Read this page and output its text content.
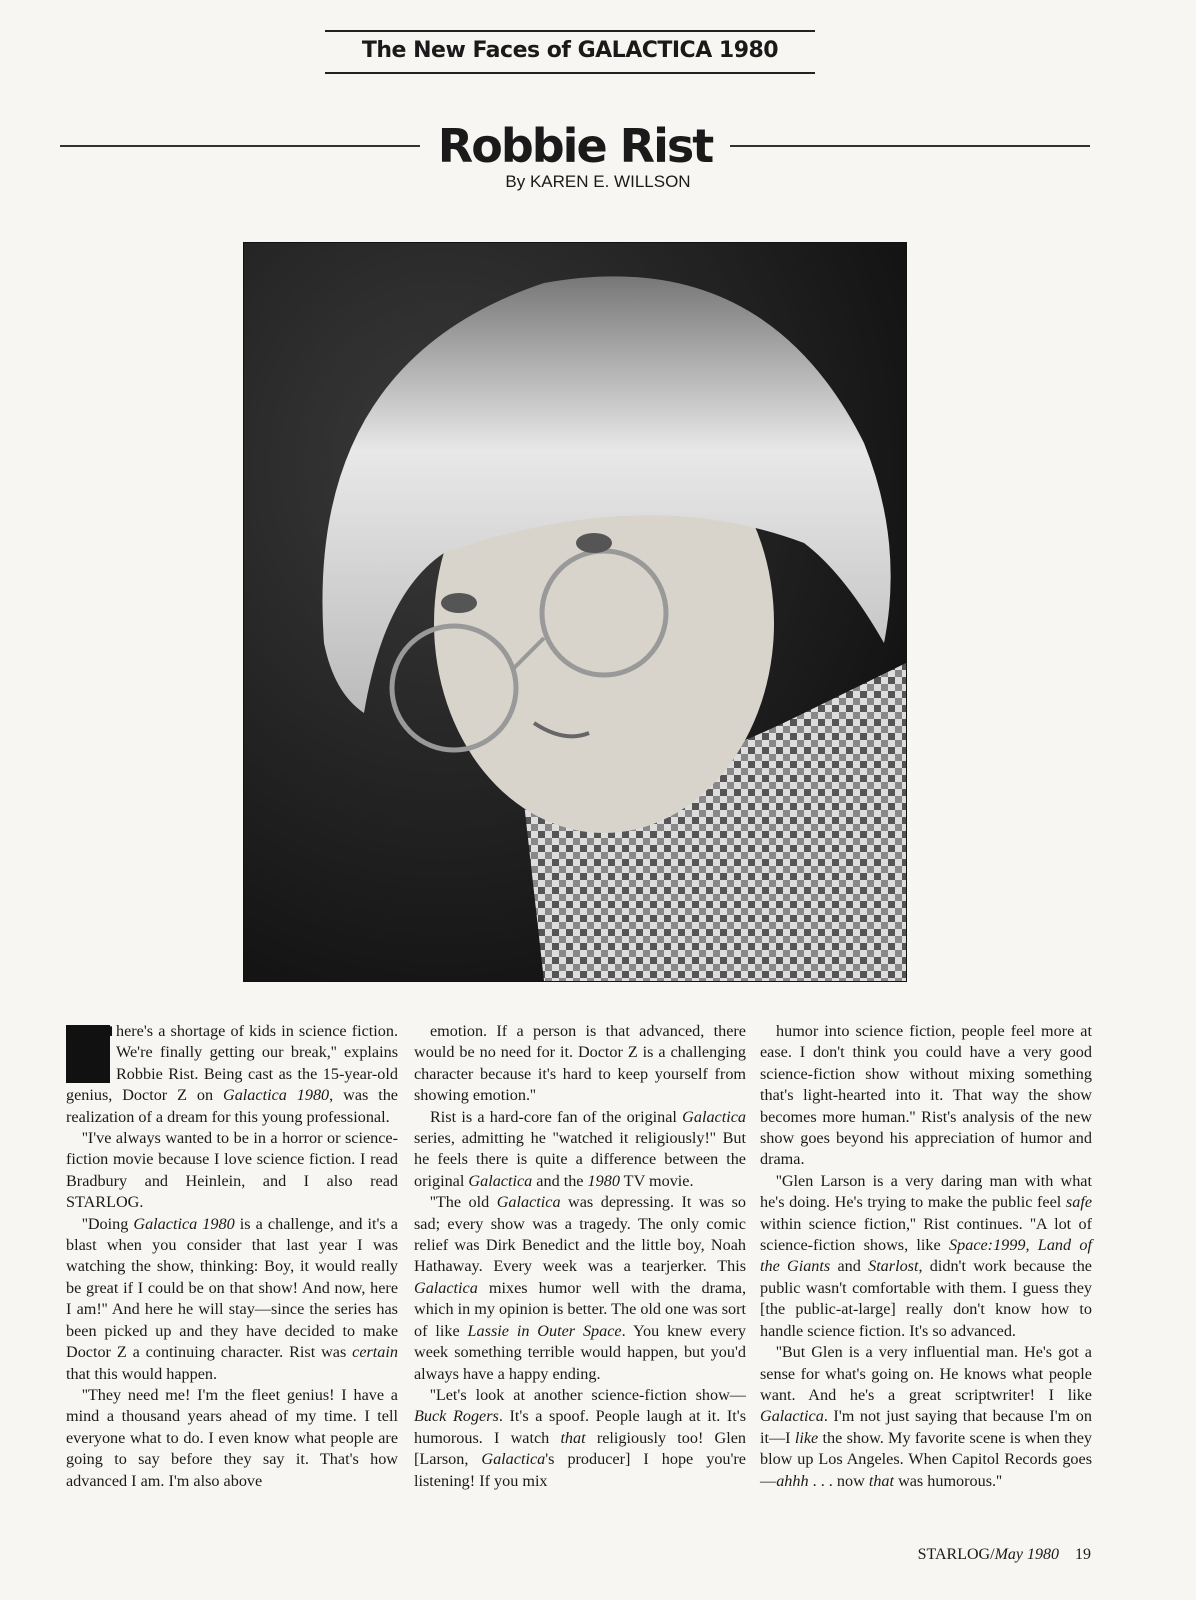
The New Faces of GALACTICA 1980
Robbie Rist
By KAREN E. WILLSON

T here's a shortage of kids in science fiction. We're finally getting our break,'' explains Robbie Rist. Being cast as the 15-year-old genius, Doctor Z on Galactica 1980, was the realization of a dream for this young professional.

''I've always wanted to be in a horror or science-fiction movie because I love science fiction. I read Bradbury and Heinlein, and I also read STARLOG.

''Doing Galactica 1980 is a challenge, and it's a blast when you consider that last year I was watching the show, thinking: Boy, it would really be great if I could be on that show! And now, here I am!'' And here he will stay—since the series has been picked up and they have decided to make Doctor Z a continuing character. Rist was certain that this would happen.

''They need me! I'm the fleet genius! I have a mind a thousand years ahead of my time. I tell everyone what to do. I even know what people are going to say before they say it. That's how advanced I am. I'm also above

emotion. If a person is that advanced, there would be no need for it. Doctor Z is a challenging character because it's hard to keep yourself from showing emotion.''

Rist is a hard-core fan of the original Galactica series, admitting he ''watched it religiously!'' But he feels there is quite a difference between the original Galactica and the 1980 TV movie.

''The old Galactica was depressing. It was so sad; every show was a tragedy. The only comic relief was Dirk Benedict and the little boy, Noah Hathaway. Every week was a tearjerker. This Galactica mixes humor well with the drama, which in my opinion is better. The old one was sort of like Lassie in Outer Space. You knew every week something terrible would happen, but you'd always have a happy ending.

''Let's look at another science-fiction show—Buck Rogers. It's a spoof. People laugh at it. It's humorous. I watch that religiously too! Glen [Larson, Galactica's producer] I hope you're listening! If you mix

humor into science fiction, people feel more at ease. I don't think you could have a very good science-fiction show without mixing something that's light-hearted into it. That way the show becomes more human.'' Rist's analysis of the new show goes beyond his appreciation of humor and drama.

''Glen Larson is a very daring man with what he's doing. He's trying to make the public feel safe within science fiction,'' Rist continues. ''A lot of science-fiction shows, like Space:1999, Land of the Giants and Starlost, didn't work because the public wasn't comfortable with them. I guess they [the public-at-large] really don't know how to handle science fiction. It's so advanced.

''But Glen is a very influential man. He's got a sense for what's going on. He knows what people want. And he's a great scriptwriter! I like Galactica. I'm not just saying that because I'm on it—I like the show. My favorite scene is when they blow up Los Angeles. When Capitol Records goes—ahhh . . . now that was humorous.''

STARLOG/May 1980 19
